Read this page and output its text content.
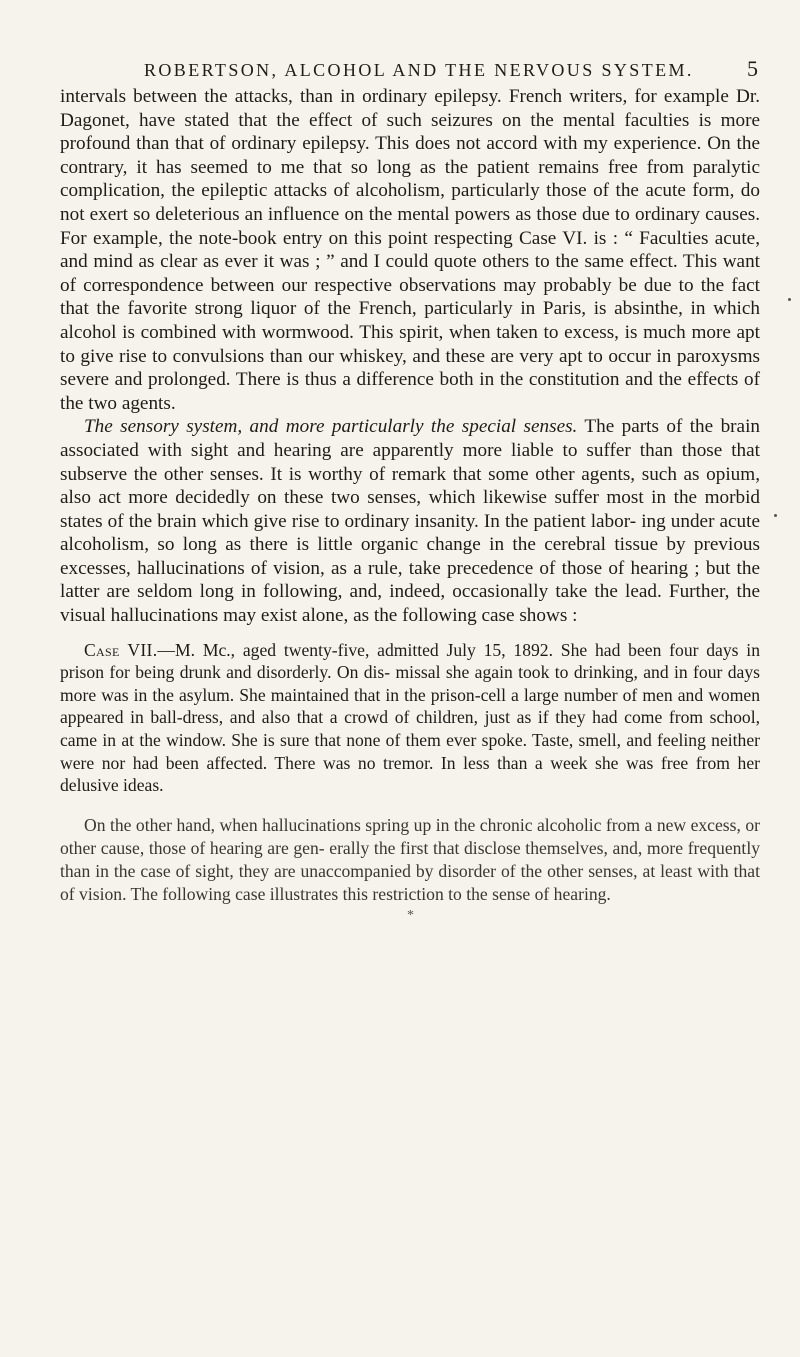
ROBERTSON, ALCOHOL AND THE NERVOUS SYSTEM. 5

intervals between the attacks, than in ordinary epilepsy. French writers, for example Dr. Dagonet, have stated that the effect of such seizures on the mental faculties is more profound than that of ordinary epilepsy. This does not accord with my experience. On the contrary, it has seemed to me that so long as the patient remains free from paralytic complication, the epileptic attacks of alcoholism, particularly those of the acute form, do not exert so deleterious an influence on the mental powers as those due to ordinary causes. For example, the note-book entry on this point respecting Case VI. is : “ Faculties acute, and mind as clear as ever it was ; ” and I could quote others to the same effect. This want of correspondence between our respective observations may probably be due to the fact that the favorite strong liquor of the French, particularly in Paris, is absinthe, in which alcohol is combined with wormwood. This spirit, when taken to excess, is much more apt to give rise to convulsions than our whiskey, and these are very apt to occur in paroxysms severe and prolonged. There is thus a difference both in the constitution and the effects of the two agents.

The sensory system, and more particularly the special senses. The parts of the brain associated with sight and hearing are apparently more liable to suffer than those that subserve the other senses. It is worthy of remark that some other agents, such as opium, also act more decidedly on these two senses, which likewise suffer most in the morbid states of the brain which give rise to ordinary insanity. In the patient labor- ing under acute alcoholism, so long as there is little organic change in the cerebral tissue by previous excesses, hallucinations of vision, as a rule, take precedence of those of hearing ; but the latter are seldom long in following, and, indeed, occasionally take the lead. Further, the visual hallucinations may exist alone, as the following case shows :

Case VII.—M. Mc., aged twenty-five, admitted July 15, 1892. She had been four days in prison for being drunk and disorderly. On dis- missal she again took to drinking, and in four days more was in the asylum. She maintained that in the prison-cell a large number of men and women appeared in ball-dress, and also that a crowd of children, just as if they had come from school, came in at the window. She is sure that none of them ever spoke. Taste, smell, and feeling neither were nor had been affected. There was no tremor. In less than a week she was free from her delusive ideas.

On the other hand, when hallucinations spring up in the chronic alcoholic from a new excess, or other cause, those of hearing are gen- erally the first that disclose themselves, and, more frequently than in the case of sight, they are unaccompanied by disorder of the other senses, at least with that of vision. The following case illustrates this restriction to the sense of hearing.

*
